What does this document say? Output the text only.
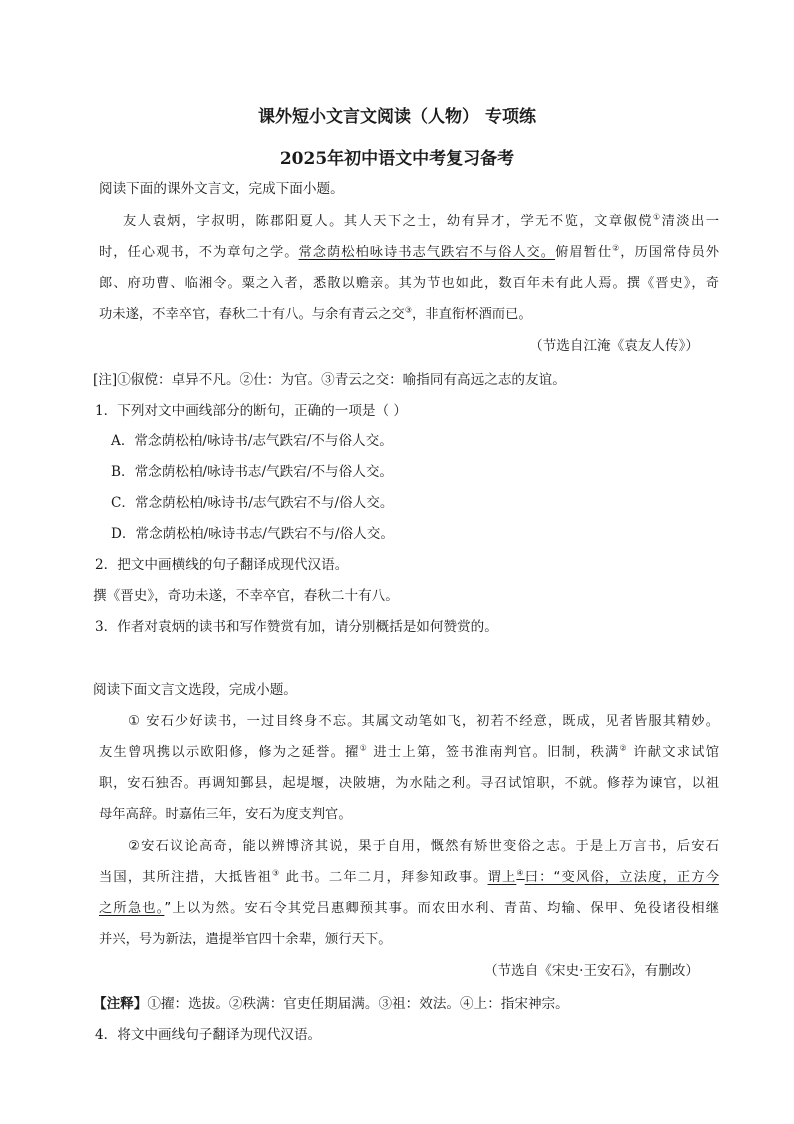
课外短小文言文阅读（人物） 专项练
2025年初中语文中考复习备考
阅读下面的课外文言文，完成下面小题。
友人袁炳，字叔明，陈郡阳夏人。其人天下之士，幼有异才，学无不览，文章俶傥①清淡出一
时，任心观书，不为章句之学。常念荫松柏咏诗书志气跌宕不与俗人交。俯眉暂仕②，历国常侍员外
郎、府功曹、临湘令。粟之入者，悉散以赡亲。其为节也如此，数百年未有此人焉。撰《晋史》，奇
功未遂，不幸卒官，春秋二十有八。与余有青云之交③，非直衔杯酒而已。
（节选自江淹《袁友人传》）
[注]①俶傥：卓异不凡。②仕：为官。③青云之交：喻指同有高远之志的友谊。
1．下列对文中画线部分的断句，正确的一项是（ ）
A．常念荫松柏/咏诗书/志气跌宕/不与俗人交。
B．常念荫松柏/咏诗书志/气跌宕/不与俗人交。
C．常念荫松柏/咏诗书/志气跌宕不与/俗人交。
D．常念荫松柏/咏诗书志/气跌宕不与/俗人交。
2．把文中画横线的句子翻译成现代汉语。
撰《晋史》，奇功未遂，不幸卒官，春秋二十有八。
3．作者对袁炳的读书和写作赞赏有加，请分别概括是如何赞赏的。
阅读下面文言文选段，完成小题。
① 安石少好读书，一过目终身不忘。其属文动笔如飞，初若不经意，既成，见者皆服其精妙。
友生曾巩携以示欧阳修，修为之延誉。擢① 进士上第，签书淮南判官。旧制，秩满② 许献文求试馆
职，安石独否。再调知鄞县，起堤堰，决陂塘，为水陆之利。寻召试馆职，不就。修荐为谏官，以祖
母年高辞。时嘉佑三年，安石为度支判官。
②安石议论高奇，能以辨博济其说，果于自用，慨然有矫世变俗之志。于是上万言书，后安石
当国，其所注措，大抵皆祖③ 此书。二年二月，拜参知政事。谓上④曰：“变风俗，立法度，正方今
之所急也。”上以为然。安石令其党吕惠卿预其事。而农田水利、青苗、均输、保甲、免役诸役相继
并兴，号为新法，遣提举官四十余辈，颁行天下。
（节选自《宋史·王安石》，有删改）
【注释】①擢：选拔。②秩满：官吏任期届满。③祖：效法。④上：指宋神宗。
4．将文中画线句子翻译为现代汉语。
